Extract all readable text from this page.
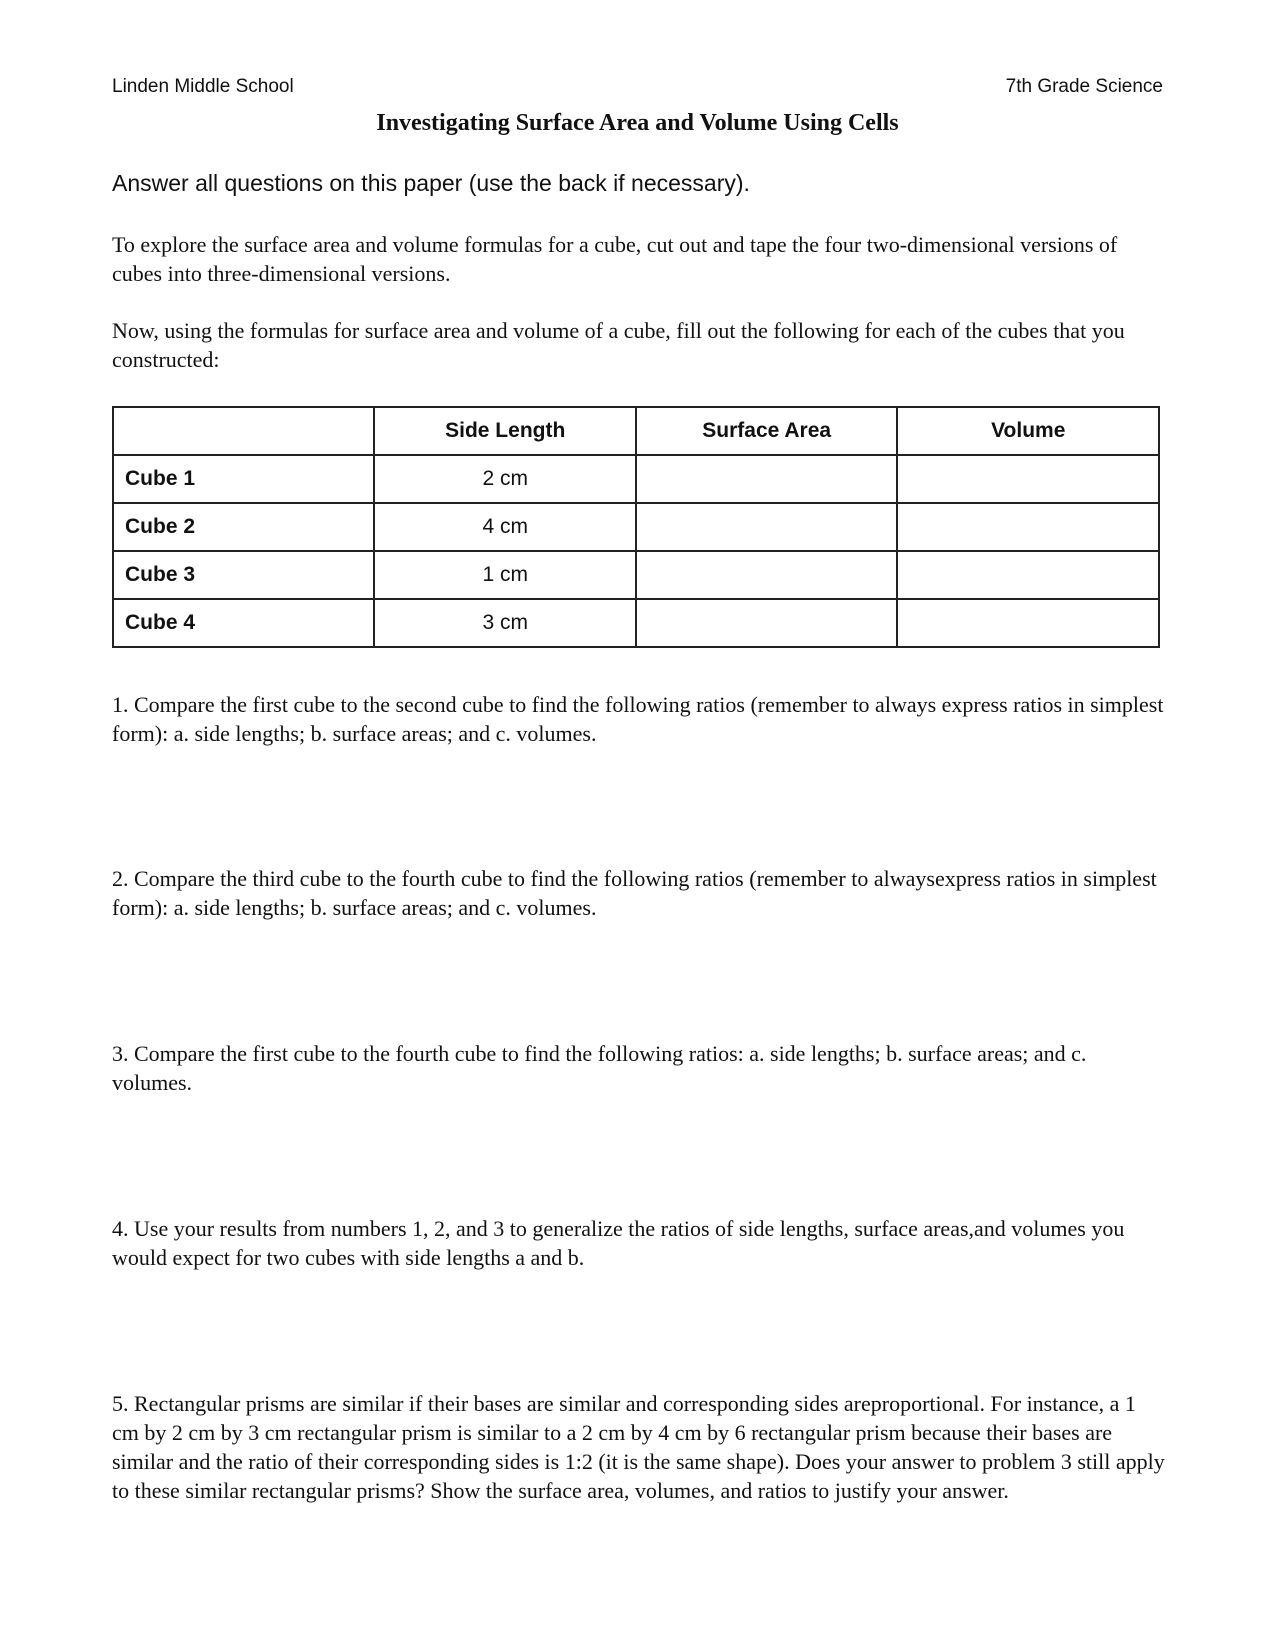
Linden Middle School	7th Grade Science
Investigating Surface Area and Volume Using Cells
Answer all questions on this paper (use the back if necessary).

To explore the surface area and volume formulas for a cube, cut out and tape the four two-dimensional versions of cubes into three-dimensional versions.

Now, using the formulas for surface area and volume of a cube, fill out the following for each of the cubes that you constructed:

	Side Length	Surface Area	Volume
Cube 1	2 cm		
Cube 2	4 cm		
Cube 3	1 cm		
Cube 4	3 cm		

1. Compare the first cube to the second cube to find the following ratios (remember to always express ratios in simplest form): a. side lengths; b. surface areas; and c. volumes.

2. Compare the third cube to the fourth cube to find the following ratios (remember to alwaysexpress ratios in simplest form): a. side lengths; b. surface areas; and c. volumes.

3. Compare the first cube to the fourth cube to find the following ratios: a. side lengths; b. surface areas; and c. volumes.

4. Use your results from numbers 1, 2, and 3 to generalize the ratios of side lengths, surface areas,and volumes you would expect for two cubes with side lengths a and b.

5. Rectangular prisms are similar if their bases are similar and corresponding sides areproportional. For instance, a 1 cm by 2 cm by 3 cm rectangular prism is similar to a 2 cm by 4 cm by 6 rectangular prism because their bases are similar and the ratio of their corresponding sides is 1:2 (it is the same shape). Does your answer to problem 3 still apply to these similar rectangular prisms? Show the surface area, volumes, and ratios to justify your answer.
